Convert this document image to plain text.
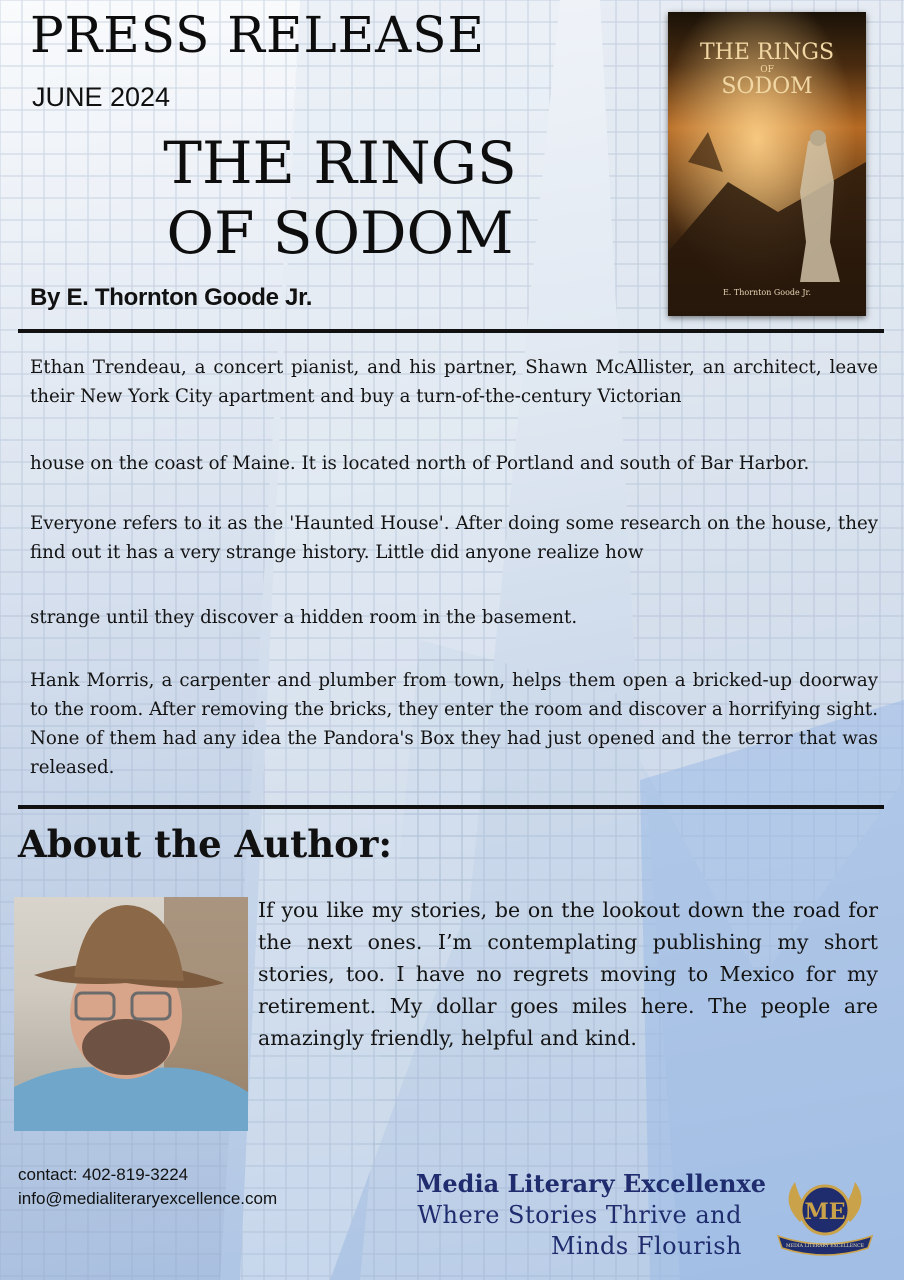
PRESS RELEASE
JUNE 2024
THE RINGS
OF SODOM
By E. Thornton Goode Jr.
THE RINGS
OF
SODOM
E. Thornton Goode Jr.
Ethan Trendeau, a concert pianist, and his partner, Shawn McAllister, an architect, leave their New York City apartment and buy a turn-of-the-century Victorian
house on the coast of Maine. It is located north of Portland and south of Bar Harbor.
Everyone refers to it as the 'Haunted House'. After doing some research on the house, they find out it has a very strange history. Little did anyone realize how
strange until they discover a hidden room in the basement.
Hank Morris, a carpenter and plumber from town, helps them open a bricked-up doorway to the room. After removing the bricks, they enter the room and discover a horrifying sight. None of them had any idea the Pandora's Box they had just opened and the terror that was released.
About the Author:
If you like my stories, be on the lookout down the road for the next ones. I’m contemplating publishing my short stories, too. I have no regrets moving to Mexico for my retirement. My dollar goes miles here. The people are amazingly friendly, helpful and kind.
contact: 402-819-3224
info@medialiteraryexcellence.com
Media Literary Excellenxe
Where Stories Thrive and
Minds Flourish
ME
MEDIA LITERARY EXCELLENCE
